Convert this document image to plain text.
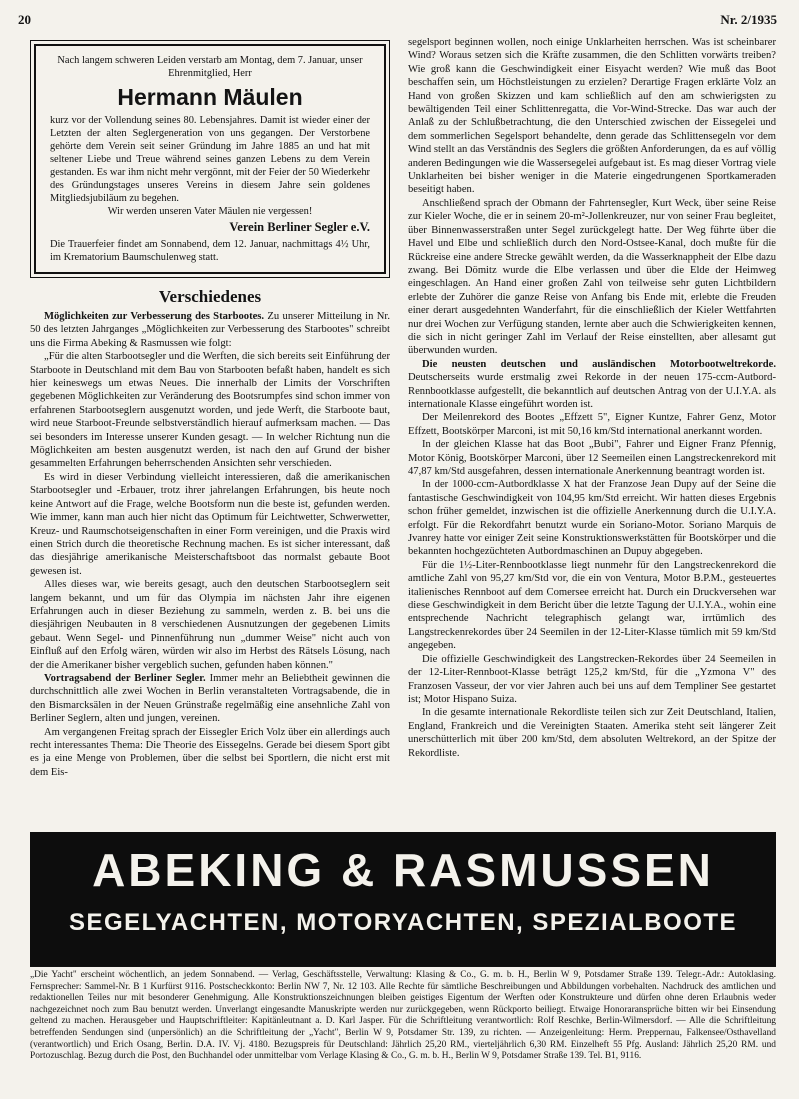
20	Nr. 2/1935
Nach langem schweren Leiden verstarb am Montag, dem 7. Januar, unser Ehrenmitglied, Herr
Hermann Mäulen
kurz vor der Vollendung seines 80. Lebensjahres. Damit ist wieder einer der Letzten der alten Seglergeneration von uns gegangen. Der Verstorbene gehörte dem Verein seit seiner Gründung im Jahre 1885 an und hat mit seltener Liebe und Treue während seines ganzen Lebens zu dem Verein gestanden. Es war ihm nicht mehr vergönnt, mit der Feier der 50 Wiederkehr des Gründungstages unseres Vereins in diesem Jahre sein goldenes Mitgliedsjubiläum zu begehen.
Wir werden unseren Vater Mäulen nie vergessen!
Verein Berliner Segler e.V.
Die Trauerfeier findet am Sonnabend, dem 12. Januar, nachmittags 4½ Uhr, im Krematorium Baumschulenweg statt.
Verschiedenes

Möglichkeiten zur Verbesserung des Starbootes. Zu unserer Mitteilung in Nr. 50 des letzten Jahrganges „Möglichkeiten zur Verbesserung des Starbootes" schreibt uns die Firma Abeking & Rasmussen wie folgt:

„Für die alten Starbootsegler und die Werften, die sich bereits seit Einführung der Starboote in Deutschland mit dem Bau von Starbooten befaßt haben, handelt es sich hier keineswegs um etwas Neues. Die innerhalb der Limits der Vorschriften gegebenen Möglichkeiten zur Veränderung des Bootsrumpfes sind schon immer von erfahrenen Starbootseglern ausgenutzt worden, und jede Werft, die Starboote baut, wird neue Starboot-Freunde selbstverständlich hierauf aufmerksam machen. — Das sei besonders im Interesse unserer Kunden gesagt. — In welcher Richtung nun die Möglichkeiten am besten ausgenutzt werden, ist nach den auf Grund der bisher gesammelten Erfahrungen beherrschenden Ansichten sehr verschieden.

Es wird in dieser Verbindung vielleicht interessieren, daß die amerikanischen Starbootsegler und -Erbauer, trotz ihrer jahrelangen Erfahrungen, bis heute noch keine Antwort auf die Frage, welche Bootsform nun die beste ist, gefunden werden. Wie immer, kann man auch hier nicht das Optimum für Leichtwetter, Schwerwetter, Kreuz- und Raumschotseigenschaften in einer Form vereinigen, und die Praxis wird einen Strich durch die theoretische Rechnung machen. Es ist sicher interessant, daß das diesjährige amerikanische Meisterschaftsboot das normalst gebaute Boot gewesen ist.

Alles dieses war, wie bereits gesagt, auch den deutschen Starbootseglern seit langem bekannt, und um für das Olympia im nächsten Jahr ihre eigenen Erfahrungen auch in dieser Beziehung zu sammeln, werden z. B. bei uns die diesjährigen Neubauten in 8 verschiedenen Ausnutzungen der gegebenen Limits gebaut. Wenn Segel- und Pinnenführung nun „dummer Weise" nicht auch von Einfluß auf den Erfolg wären, würden wir also im Herbst des Rätsels Lösung, nach der die Amerikaner bisher vergeblich suchen, gefunden haben können."

Vortragsabend der Berliner Segler. Immer mehr an Beliebtheit gewinnen die durchschnittlich alle zwei Wochen in Berlin veranstalteten Vortragsabende, die in den Bismarcksälen in der Neuen Grünstraße regelmäßig eine ansehnliche Zahl von Berliner Seglern, alten und jungen, vereinen.

Am vergangenen Freitag sprach der Eissegler Erich Volz über ein allerdings auch recht interessantes Thema: Die Theorie des Eissegelns. Gerade bei diesem Sport gibt es ja eine Menge von Problemen, über die selbst bei Sportlern, die nicht erst mit dem Eis-

segelsport beginnen wollen, noch einige Unklarheiten herrschen. Was ist scheinbarer Wind? Woraus setzen sich die Kräfte zusammen, die den Schlitten vorwärts treiben? Wie groß kann die Geschwindigkeit einer Eisyacht werden? Wie muß das Boot beschaffen sein, um Höchstleistungen zu erzielen? Derartige Fragen erklärte Volz an Hand von großen Skizzen und kam schließlich auf den am schwierigsten zu bewältigenden Teil einer Schlittenregatta, die Vor-Wind-Strecke. Das war auch der Anlaß zu der Schlußbetrachtung, die den Unterschied zwischen der Eissegelei und dem sommerlichen Segelsport behandelte, denn gerade das Schlittensegeln vor dem Wind stellt an das Verständnis des Seglers die größten Anforderungen, da es auf völlig anderen Bedingungen wie die Wassersegelei aufgebaut ist. Es mag dieser Vortrag viele Unklarheiten bei bisher weniger in die Materie eingedrungenen Sportkameraden beseitigt haben.

Anschließend sprach der Obmann der Fahrtensegler, Kurt Weck, über seine Reise zur Kieler Woche, die er in seinem 20-m²-Jollenkreuzer, nur von seiner Frau begleitet, über Binnenwasserstraßen unter Segel zurückgelegt hatte. Der Weg führte über die Havel und Elbe und schließlich durch den Nord-Ostsee-Kanal, doch mußte für die Rückreise eine andere Strecke gewählt werden, da die Wasserknappheit der Elbe dazu zwang. Bei Dömitz wurde die Elbe verlassen und über die Elde der Heimweg eingeschlagen. An Hand einer großen Zahl von teilweise sehr guten Lichtbildern erlebte der Zuhörer die ganze Reise von Anfang bis Ende mit, erlebte die Freuden einer derart ausgedehnten Wanderfahrt, für die einschließlich der Kieler Wettfahrten nur drei Wochen zur Verfügung standen, lernte aber auch die Schwierigkeiten kennen, die sich in nicht geringer Zahl im Verlauf der Reise einstellten, aber allesamt gut überwunden wurden.

Die neusten deutschen und ausländischen Motorbootweltrekorde. Deutscherseits wurde erstmalig zwei Rekorde in der neuen 175-ccm-Autbord-Rennbootklasse aufgestellt, die bekanntlich auf deutschen Antrag von der U.I.Y.A. als internationale Klasse eingeführt worden ist.

Der Meilenrekord des Bootes „Effzett 5", Eigner Kuntze, Fahrer Genz, Motor Effzett, Bootskörper Marconi, ist mit 50,16 km/Std international anerkannt worden.

In der gleichen Klasse hat das Boot „Bubi", Fahrer und Eigner Franz Pfennig, Motor König, Bootskörper Marconi, über 12 Seemeilen einen Langstreckenrekord mit 47,87 km/Std ausgefahren, dessen internationale Anerkennung beantragt worden ist.

In der 1000-ccm-Autbordklasse X hat der Franzose Jean Dupy auf der Seine die fantastische Geschwindigkeit von 104,95 km/Std erreicht. Wir hatten dieses Ergebnis schon früher gemeldet, inzwischen ist die offizielle Anerkennung durch die U.I.Y.A. erfolgt. Für die Rekordfahrt benutzt wurde ein Soriano-Motor. Soriano Marquis de Jvanrey hatte vor einiger Zeit seine Konstruktionswerkstätten für Bootskörper und die bekannten hochgezüchteten Autbordmaschinen an Dupuy abgegeben.

Für die 1½-Liter-Rennbootklasse liegt nunmehr für den Langstreckenrekord die amtliche Zahl von 95,27 km/Std vor, die ein von Ventura, Motor B.P.M., gesteuertes italienisches Rennboot auf dem Comersee erreicht hat. Durch ein Druckversehen war diese Geschwindigkeit in dem Bericht über die letzte Tagung der U.I.Y.A., wohin eine entsprechende Nachricht telegraphisch gelangt war, irrtümlich des Langstreckenrekordes über 24 Seemilen in der 12-Liter-Klasse tümlich mit 59 km/Std angegeben.

Die offizielle Geschwindigkeit des Langstrecken-Rekordes über 24 Seemeilen in der 12-Liter-Rennboot-Klasse beträgt 125,2 km/Std, für die „Yzmona V" des Franzosen Vasseur, der vor vier Jahren auch bei uns auf dem Templiner See gestartet ist; Motor Hispano Suiza.

In die gesamte internationale Rekordliste teilen sich zur Zeit Deutschland, Italien, England, Frankreich und die Vereinigten Staaten. Amerika steht seit längerer Zeit unerschütterlich mit über 200 km/Std, dem absoluten Weltrekord, an der Spitze der Rekordliste.

ABEKING & RASMUSSEN
SEGELYACHTEN, MOTORYACHTEN, SPEZIALBOOTE
„Die Yacht" erscheint wöchentlich, an jedem Sonnabend. — Verlag, Geschäftsstelle, Verwaltung: Klasing & Co., G. m. b. H., Berlin W 9, Potsdamer Straße 139. Telegr.-Adr.: Autoklasing. Fernsprecher: Sammel-Nr. B 1 Kurfürst 9116. Postscheckkonto: Berlin NW 7, Nr. 12 103. Alle Rechte für sämtliche Beschreibungen und Abbildungen vorbehalten. Nachdruck des amtlichen und redaktionellen Teiles nur mit besonderer Genehmigung. Alle Konstruktionszeichnungen bleiben geistiges Eigentum der Werften oder Konstrukteure und dürfen ohne deren Erlaubnis weder nachgezeichnet noch zum Bau benutzt werden. Unverlangt eingesandte Manuskripte werden nur zurückgegeben, wenn Rückporto beiliegt. Etwaige Honoraransprüche bitten wir bei Einsendung geltend zu machen. Herausgeber und Hauptschriftleiter: Kapitänleutnant a. D. Karl Jasper. Für die Schriftleitung verantwortlich: Rolf Reschke, Berlin-Wilmersdorf. — Alle die Schriftleitung betreffenden Sendungen sind (unpersönlich) an die Schriftleitung der „Yacht", Berlin W 9, Potsdamer Str. 139, zu richten. — Anzeigenleitung: Herm. Preppernau, Falkensee/Osthavelland (verantwortlich) und Erich Osang, Berlin. D.A. IV. Vj. 4180. Bezugspreis für Deutschland: Jährlich 25,20 RM., vierteljährlich 6,30 RM. Einzelheft 55 Pfg. Ausland: Jährlich 25,20 RM. und Portozuschlag. Bezug durch die Post, den Buchhandel oder unmittelbar vom Verlage Klasing & Co., G. m. b. H., Berlin W 9, Potsdamer Straße 139. Tel. B1, 9116.
